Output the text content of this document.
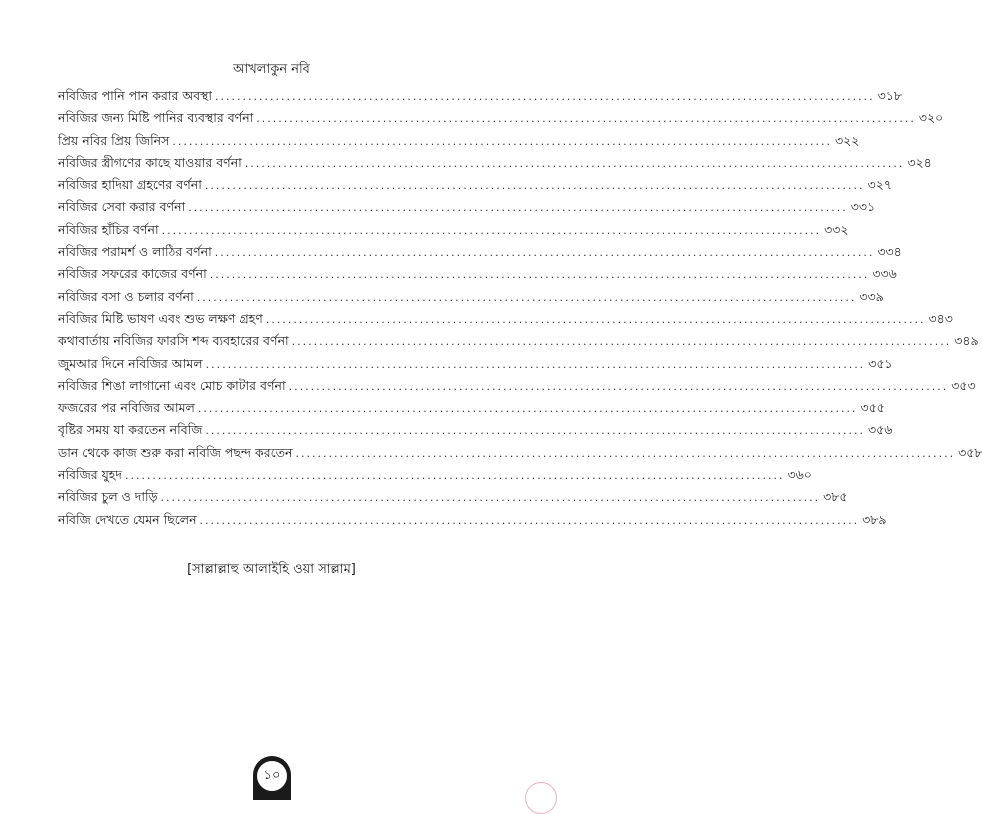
আখলাকুন নবি
নবিজির পানি পান করার অবস্থা ........................................................................................................................ ৩১৮
নবিজির জন্য মিষ্টি পানির ব্যবস্থার বর্ণনা ........................................................................................................................ ৩২০
প্রিয় নবির প্রিয় জিনিস ........................................................................................................................ ৩২২
নবিজির স্ত্রীগণের কাছে যাওয়ার বর্ণনা ........................................................................................................................ ৩২৪
নবিজির হাদিয়া গ্রহণের বর্ণনা ........................................................................................................................ ৩২৭
নবিজির সেবা করার বর্ণনা ........................................................................................................................ ৩৩১
নবিজির হাঁচির বর্ণনা ........................................................................................................................ ৩৩২
নবিজির পরামর্শ ও লাঠির বর্ণনা ........................................................................................................................ ৩৩৪
নবিজির সফরের কাজের বর্ণনা ........................................................................................................................ ৩৩৬
নবিজির বসা ও চলার বর্ণনা ........................................................................................................................ ৩৩৯
নবিজির মিষ্টি ভাষণ এবং শুভ লক্ষণ গ্রহণ ........................................................................................................................ ৩৪৩
কথাবার্তায় নবিজির ফারসি শব্দ ব্যবহারের বর্ণনা ........................................................................................................................ ৩৪৯
জুমআর দিনে নবিজির আমল ........................................................................................................................ ৩৫১
নবিজির শিঙা লাগানো এবং মোচ কাটার বর্ণনা ........................................................................................................................ ৩৫৩
ফজরের পর নবিজির আমল ........................................................................................................................ ৩৫৫
বৃষ্টির সময় যা করতেন নবিজি ........................................................................................................................ ৩৫৬
ডান থেকে কাজ শুরু করা নবিজি পছন্দ করতেন ........................................................................................................................ ৩৫৮
নবিজির যুহদ ........................................................................................................................ ৩৬০
নবিজির চুল ও দাড়ি ........................................................................................................................ ৩৮৫
নবিজি দেখতে যেমন ছিলেন ........................................................................................................................ ৩৮৯
[সাল্লাল্লাহু আলাইহি ওয়া সাল্লাম]
১০
